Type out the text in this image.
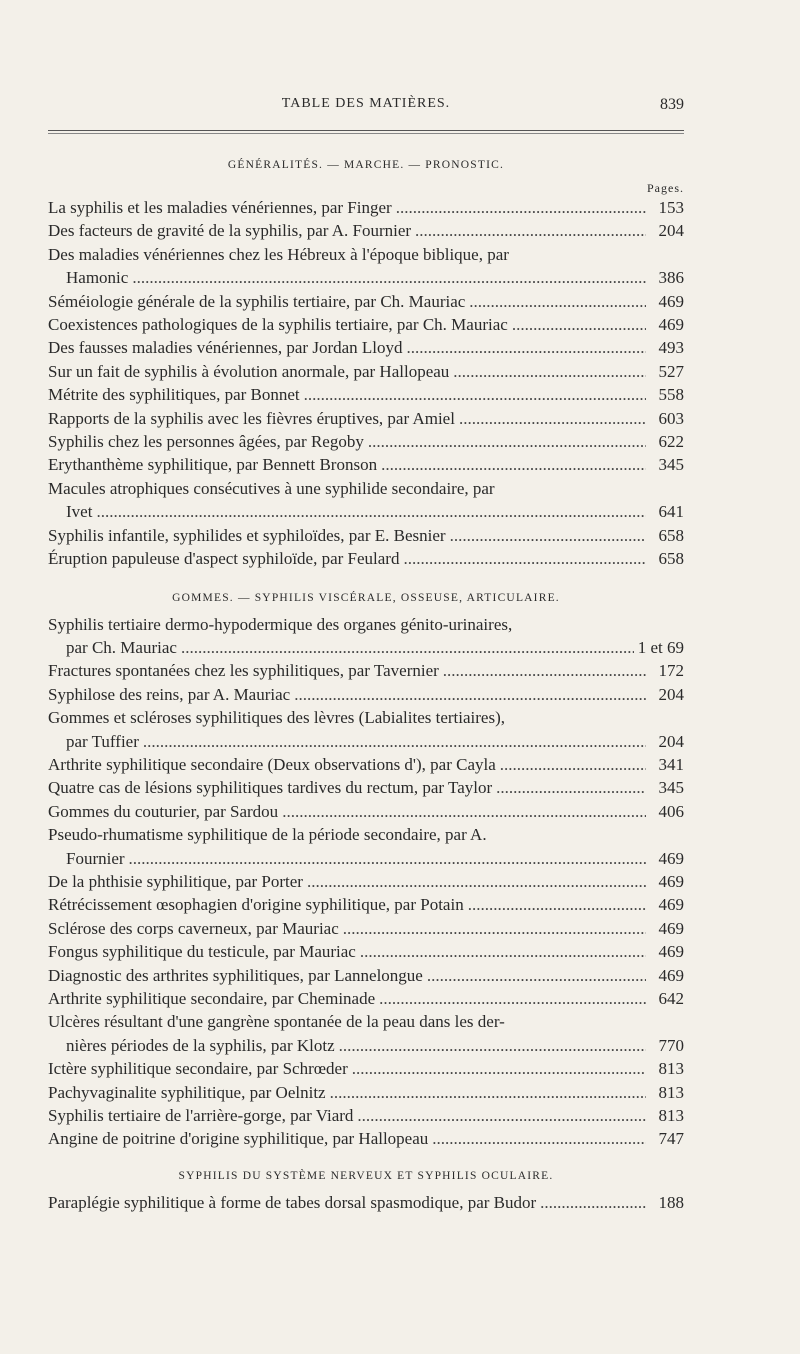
TABLE DES MATIÈRES.	839
GÉNÉRALITÉS. — MARCHE. — PRONOSTIC.
Pages.
La syphilis et les maladies vénériennes, par Finger .....	153
Des facteurs de gravité de la syphilis, par A. Fournier .....	204
Des maladies vénériennes chez les Hébreux à l'époque biblique, par
Hamonic .....	386
Séméiologie générale de la syphilis tertiaire, par Ch. Mauriac .....	469
Coexistences pathologiques de la syphilis tertiaire, par Ch. Mauriac .....	469
Des fausses maladies vénériennes, par Jordan Lloyd .....	493
Sur un fait de syphilis à évolution anormale, par Hallopeau .....	527
Métrite des syphilitiques, par Bonnet .....	558
Rapports de la syphilis avec les fièvres éruptives, par Amiel .....	603
Syphilis chez les personnes âgées, par Regoby .....	622
Erythanthème syphilitique, par Bennett Bronson .....	345
Macules atrophiques consécutives à une syphilide secondaire, par
Ivet .....	641
Syphilis infantile, syphilides et syphiloïdes, par E. Besnier .....	658
Éruption papuleuse d'aspect syphiloïde, par Feulard .....	658
GOMMES. — SYPHILIS VISCÉRALE, OSSEUSE, ARTICULAIRE.
Syphilis tertiaire dermo-hypodermique des organes génito-urinaires,
par Ch. Mauriac .....	1 et 69
Fractures spontanées chez les syphilitiques, par Tavernier .....	172
Syphilose des reins, par A. Mauriac .....	204
Gommes et scléroses syphilitiques des lèvres (Labialites tertiaires),
par Tuffier .....	204
Arthrite syphilitique secondaire (Deux observations d'), par Cayla .....	341
Quatre cas de lésions syphilitiques tardives du rectum, par Taylor .....	345
Gommes du couturier, par Sardou .....	406
Pseudo-rhumatisme syphilitique de la période secondaire, par A.
Fournier .....	469
De la phthisie syphilitique, par Porter .....	469
Rétrécissement œsophagien d'origine syphilitique, par Potain .....	469
Sclérose des corps caverneux, par Mauriac .....	469
Fongus syphilitique du testicule, par Mauriac .....	469
Diagnostic des arthrites syphilitiques, par Lannelongue .....	469
Arthrite syphilitique secondaire, par Cheminade .....	642
Ulcères résultant d'une gangrène spontanée de la peau dans les der-
nières périodes de la syphilis, par Klotz .....	770
Ictère syphilitique secondaire, par Schrœder .....	813
Pachyvaginalite syphilitique, par Oelnitz .....	813
Syphilis tertiaire de l'arrière-gorge, par Viard .....	813
Angine de poitrine d'origine syphilitique, par Hallopeau .....	747
SYPHILIS DU SYSTÈME NERVEUX ET SYPHILIS OCULAIRE.
Paraplégie syphilitique à forme de tabes dorsal spasmodique, par Budor .....	188
